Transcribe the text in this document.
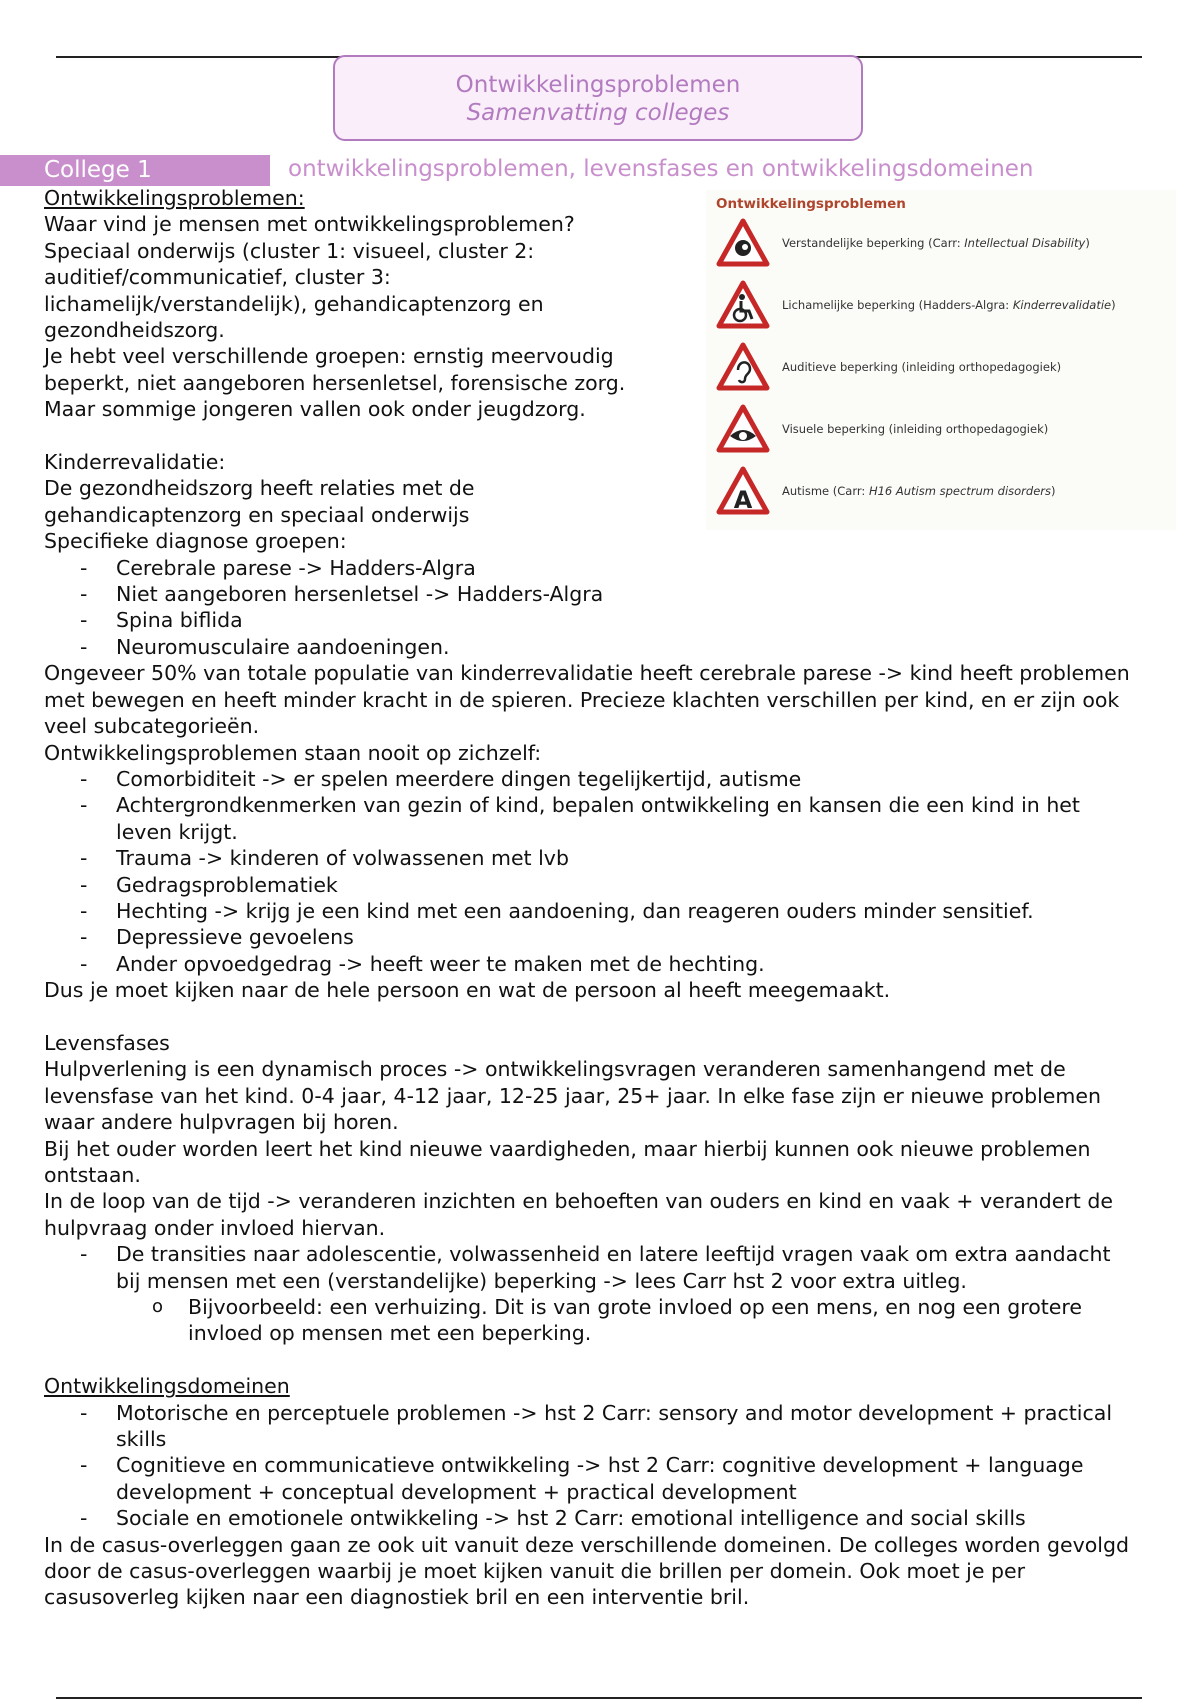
Ontwikkelingsproblemen
Samenvatting colleges
College 1	ontwikkelingsproblemen, levensfases en ontwikkelingsdomeinen
Ontwikkelingsproblemen
Verstandelijke beperking (Carr: Intellectual Disability)
Lichamelijke beperking (Hadders-Algra: Kinderrevalidatie)
Auditieve beperking (inleiding orthopedagogiek)
Visuele beperking (inleiding orthopedagogiek)
A	Autisme (Carr: H16 Autism spectrum disorders)

Ontwikkelingsproblemen:

Waar vind je mensen met ontwikkelingsproblemen?

Speciaal onderwijs (cluster 1: visueel, cluster 2:

auditief/communicatief, cluster 3:

lichamelijk/verstandelijk), gehandicaptenzorg en

gezondheidszorg.

Je hebt veel verschillende groepen: ernstig meervoudig

beperkt, niet aangeboren hersenletsel, forensische zorg.

Maar sommige jongeren vallen ook onder jeugdzorg.

Kinderrevalidatie:

De gezondheidszorg heeft relaties met de

gehandicaptenzorg en speciaal onderwijs

Specifieke diagnose groepen:

- Cerebrale parese -> Hadders-Algra
- Niet aangeboren hersenletsel -> Hadders-Algra
- Spina biflida
- Neuromusculaire aandoeningen.

Ongeveer 50% van totale populatie van kinderrevalidatie heeft cerebrale parese -> kind heeft problemen met bewegen en heeft minder kracht in de spieren. Precieze klachten verschillen per kind, en er zijn ook veel subcategorieën.

Ontwikkelingsproblemen staan nooit op zichzelf:

- Comorbiditeit -> er spelen meerdere dingen tegelijkertijd, autisme
- Achtergrondkenmerken van gezin of kind, bepalen ontwikkeling en kansen die een kind in het leven krijgt.
- Trauma -> kinderen of volwassenen met lvb
- Gedragsproblematiek
- Hechting -> krijg je een kind met een aandoening, dan reageren ouders minder sensitief.
- Depressieve gevoelens
- Ander opvoedgedrag -> heeft weer te maken met de hechting.

Dus je moet kijken naar de hele persoon en wat de persoon al heeft meegemaakt.

Levensfases

Hulpverlening is een dynamisch proces -> ontwikkelingsvragen veranderen samenhangend met de levensfase van het kind. 0-4 jaar, 4-12 jaar, 12-25 jaar, 25+ jaar. In elke fase zijn er nieuwe problemen waar andere hulpvragen bij horen.

Bij het ouder worden leert het kind nieuwe vaardigheden, maar hierbij kunnen ook nieuwe problemen ontstaan.

In de loop van de tijd -> veranderen inzichten en behoeften van ouders en kind en vaak + verandert de hulpvraag onder invloed hiervan.

- De transities naar adolescentie, volwassenheid en latere leeftijd vragen vaak om extra aandacht bij mensen met een (verstandelijke) beperking -> lees Carr hst 2 voor extra uitleg.
o Bijvoorbeeld: een verhuizing. Dit is van grote invloed op een mens, en nog een grotere invloed op mensen met een beperking.

Ontwikkelingsdomeinen

- Motorische en perceptuele problemen -> hst 2 Carr: sensory and motor development + practical skills
- Cognitieve en communicatieve ontwikkeling -> hst 2 Carr: cognitive development + language development + conceptual development + practical development
- Sociale en emotionele ontwikkeling -> hst 2 Carr: emotional intelligence and social skills

In de casus-overleggen gaan ze ook uit vanuit deze verschillende domeinen. De colleges worden gevolgd door de casus-overleggen waarbij je moet kijken vanuit die brillen per domein. Ook moet je per casusoverleg kijken naar een diagnostiek bril en een interventie bril.
